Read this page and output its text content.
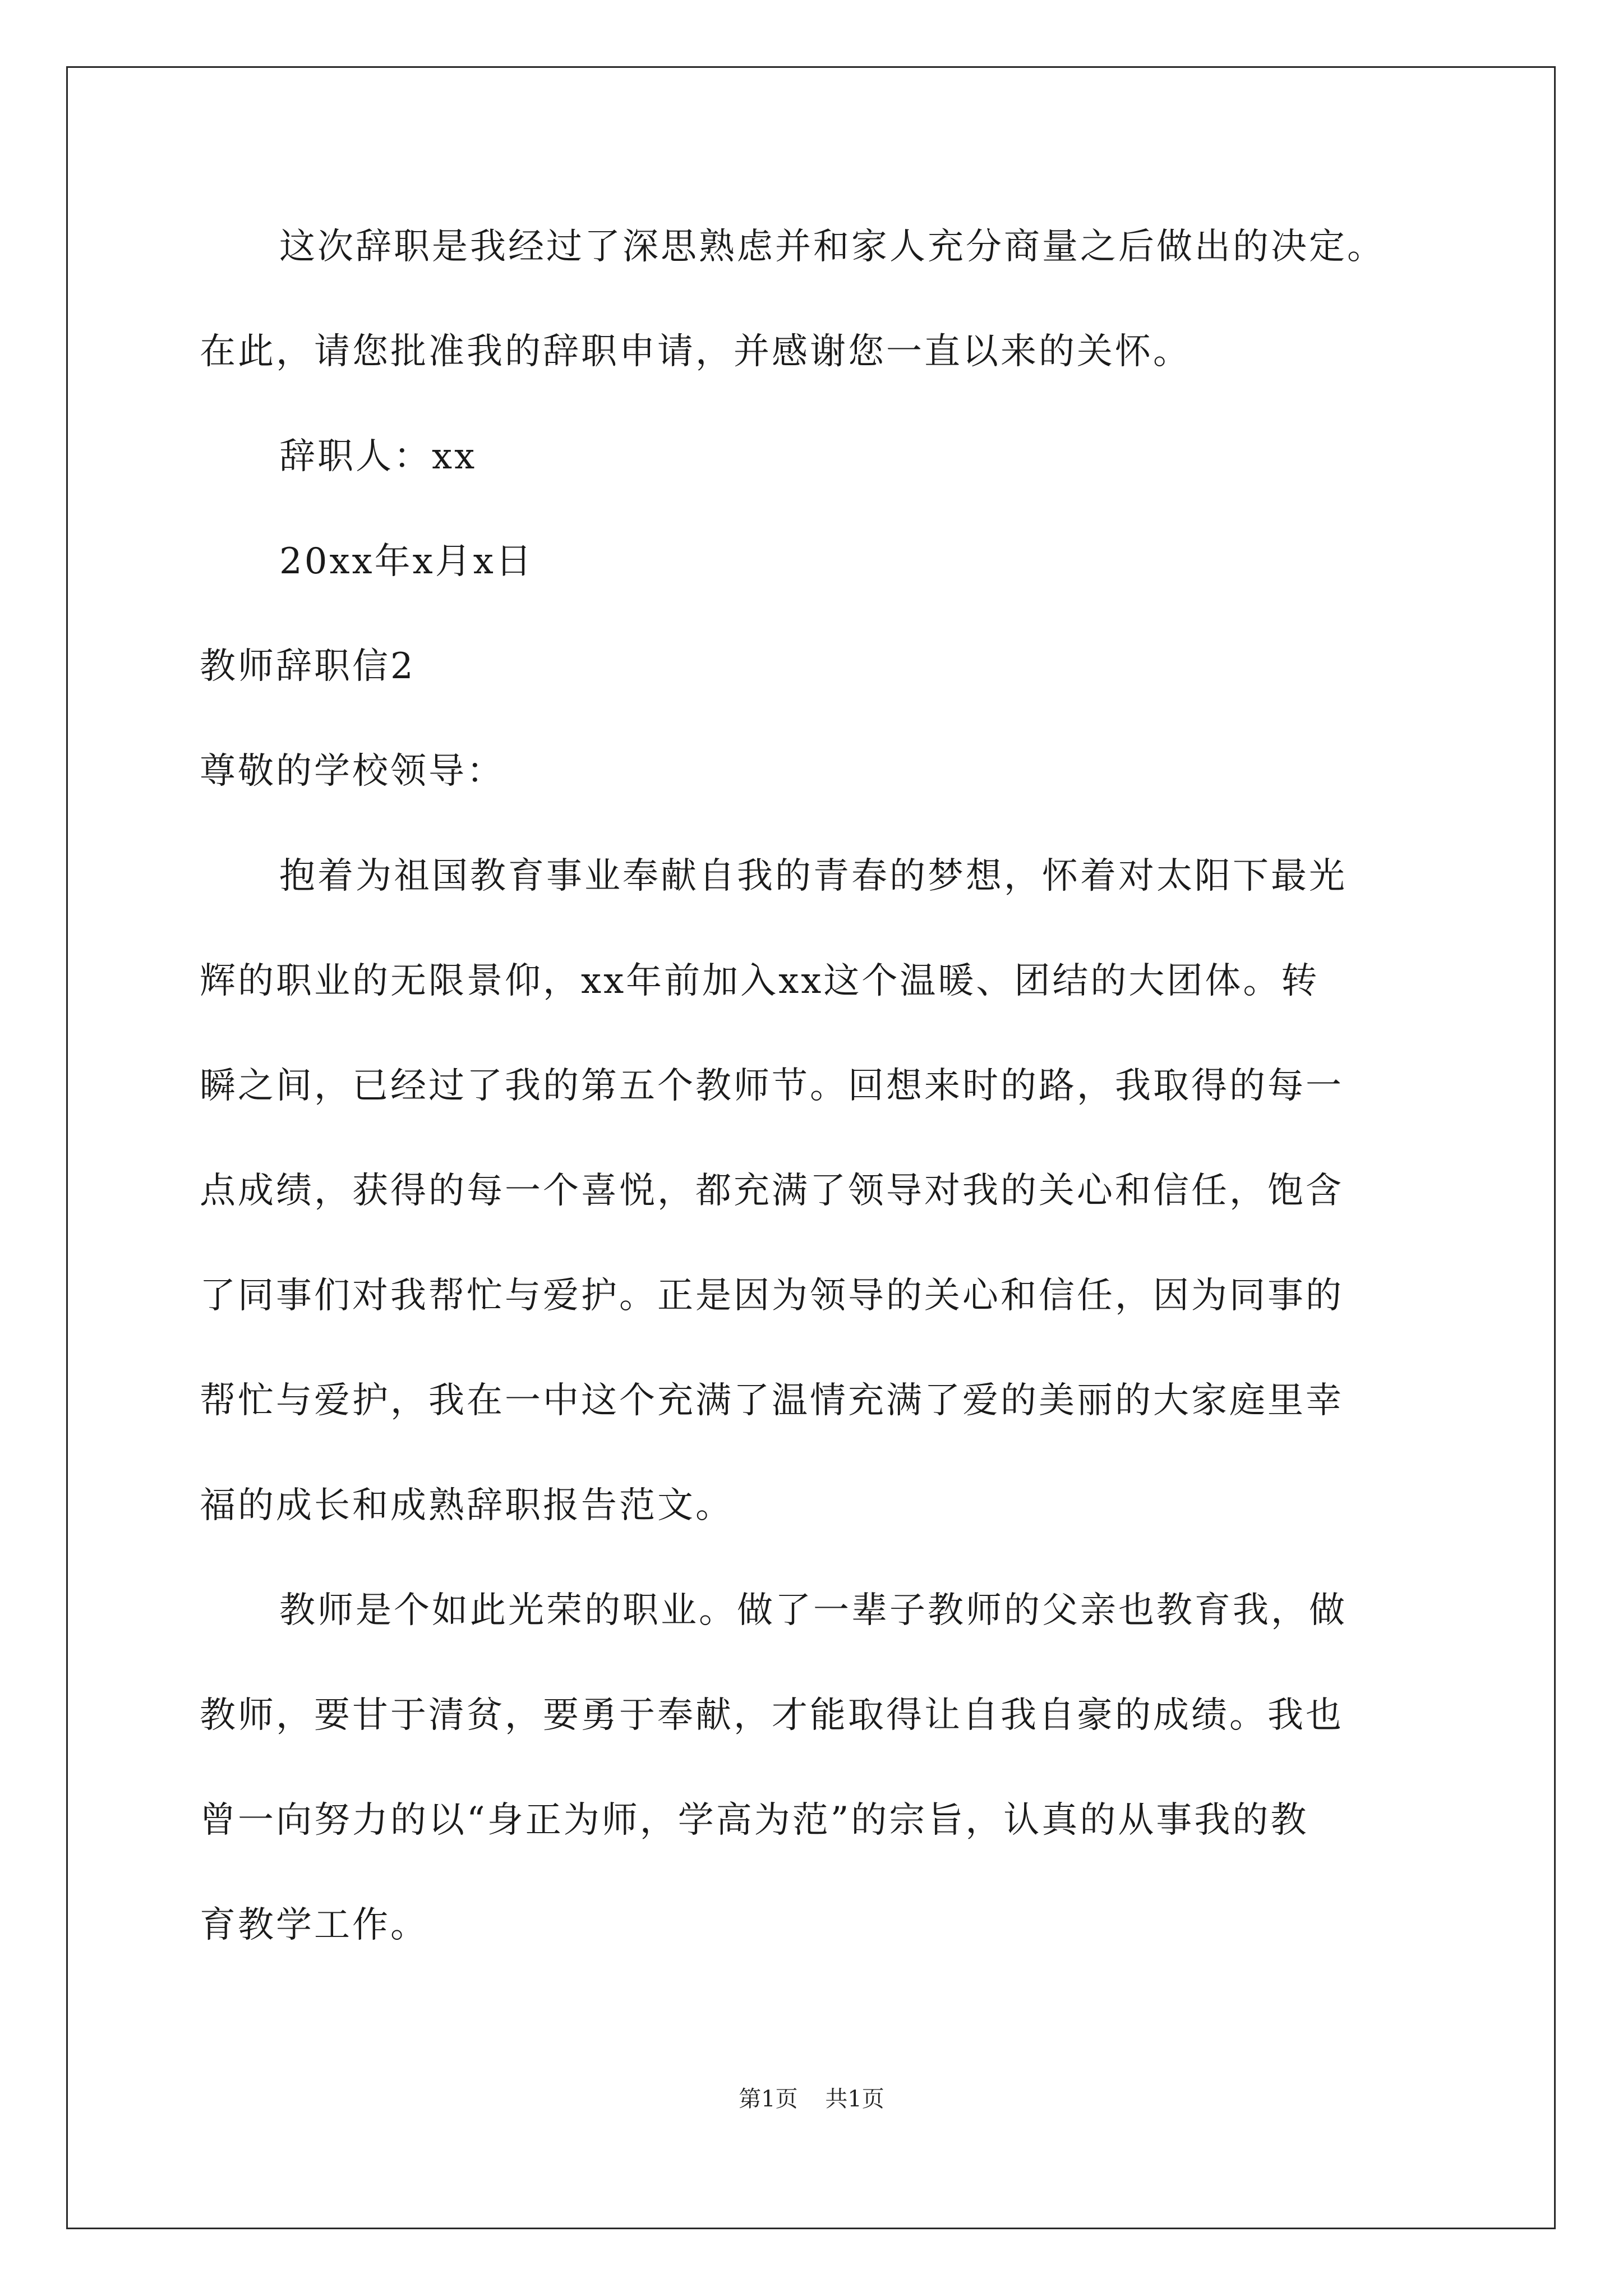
这次辞职是我经过了深思熟虑并和家人充分商量之后做出的决定。
在此，请您批准我的辞职申请，并感谢您一直以来的关怀。
辞职人：xx
20xx年x月x日
教师辞职信2
尊敬的学校领导：
抱着为祖国教育事业奉献自我的青春的梦想，怀着对太阳下最光
辉的职业的无限景仰，xx年前加入xx这个温暖、团结的大团体。转
瞬之间，已经过了我的第五个教师节。回想来时的路，我取得的每一
点成绩，获得的每一个喜悦，都充满了领导对我的关心和信任，饱含
了同事们对我帮忙与爱护。正是因为领导的关心和信任，因为同事的
帮忙与爱护，我在一中这个充满了温情充满了爱的美丽的大家庭里幸
福的成长和成熟辞职报告范文。
教师是个如此光荣的职业。做了一辈子教师的父亲也教育我，做
教师，要甘于清贫，要勇于奉献，才能取得让自我自豪的成绩。我也
曾一向努力的以“身正为师，学高为范”的宗旨，认真的从事我的教
育教学工作。
第1页 共1页
